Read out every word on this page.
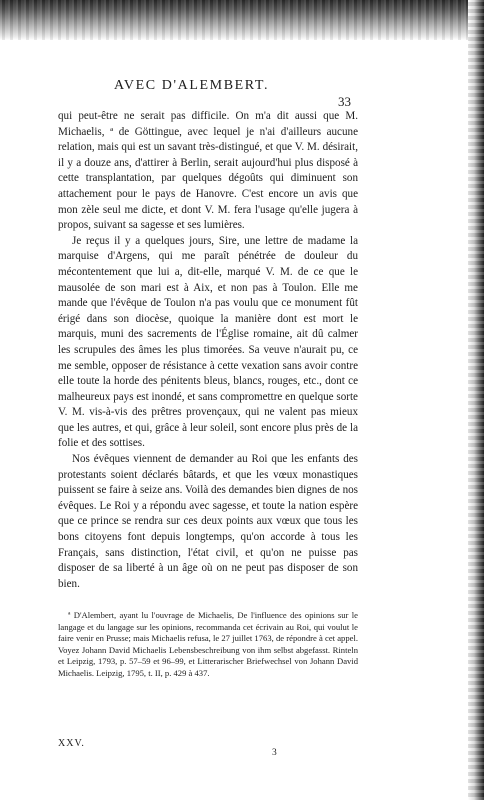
AVEC D'ALEMBERT.
33

qui peut-être ne serait pas difficile. On m'a dit aussi que M. Michaelis, ª de Göttingue, avec lequel je n'ai d'ailleurs aucune relation, mais qui est un savant très-distingué, et que V. M. désirait, il y a douze ans, d'attirer à Berlin, serait aujourd'hui plus disposé à cette transplantation, par quelques dégoûts qui diminuent son attachement pour le pays de Hanovre. C'est encore un avis que mon zèle seul me dicte, et dont V. M. fera l'usage qu'elle jugera à propos, suivant sa sagesse et ses lumières.

Je reçus il y a quelques jours, Sire, une lettre de madame la marquise d'Argens, qui me paraît pénétrée de douleur du mécontentement que lui a, dit-elle, marqué V. M. de ce que le mausolée de son mari est à Aix, et non pas à Toulon. Elle me mande que l'évêque de Toulon n'a pas voulu que ce monument fût érigé dans son diocèse, quoique la manière dont est mort le marquis, muni des sacrements de l'Église romaine, ait dû calmer les scrupules des âmes les plus timorées. Sa veuve n'aurait pu, ce me semble, opposer de résistance à cette vexation sans avoir contre elle toute la horde des pénitents bleus, blancs, rouges, etc., dont ce malheureux pays est inondé, et sans compromettre en quelque sorte V. M. vis-à-vis des prêtres provençaux, qui ne valent pas mieux que les autres, et qui, grâce à leur soleil, sont encore plus près de la folie et des sottises.

Nos évêques viennent de demander au Roi que les enfants des protestants soient déclarés bâtards, et que les vœux monastiques puissent se faire à seize ans. Voilà des demandes bien dignes de nos évêques. Le Roi y a répondu avec sagesse, et toute la nation espère que ce prince se rendra sur ces deux points aux vœux que tous les bons citoyens font depuis longtemps, qu'on accorde à tous les Français, sans distinction, l'état civil, et qu'on ne puisse pas disposer de sa liberté à un âge où on ne peut pas disposer de son bien.

ª D'Alembert, ayant lu l'ouvrage de Michaelis, De l'influence des opinions sur le langage et du langage sur les opinions, recommanda cet écrivain au Roi, qui voulut le faire venir en Prusse; mais Michaelis refusa, le 27 juillet 1763, de répondre à cet appel. Voyez Johann David Michaelis Lebensbeschreibung von ihm selbst abgefasst. Rinteln et Leipzig, 1793, p. 57–59 et 96–99, et Litterarischer Briefwechsel von Johann David Michaelis. Leipzig, 1795, t. II, p. 429 à 437.

XXV.
3
